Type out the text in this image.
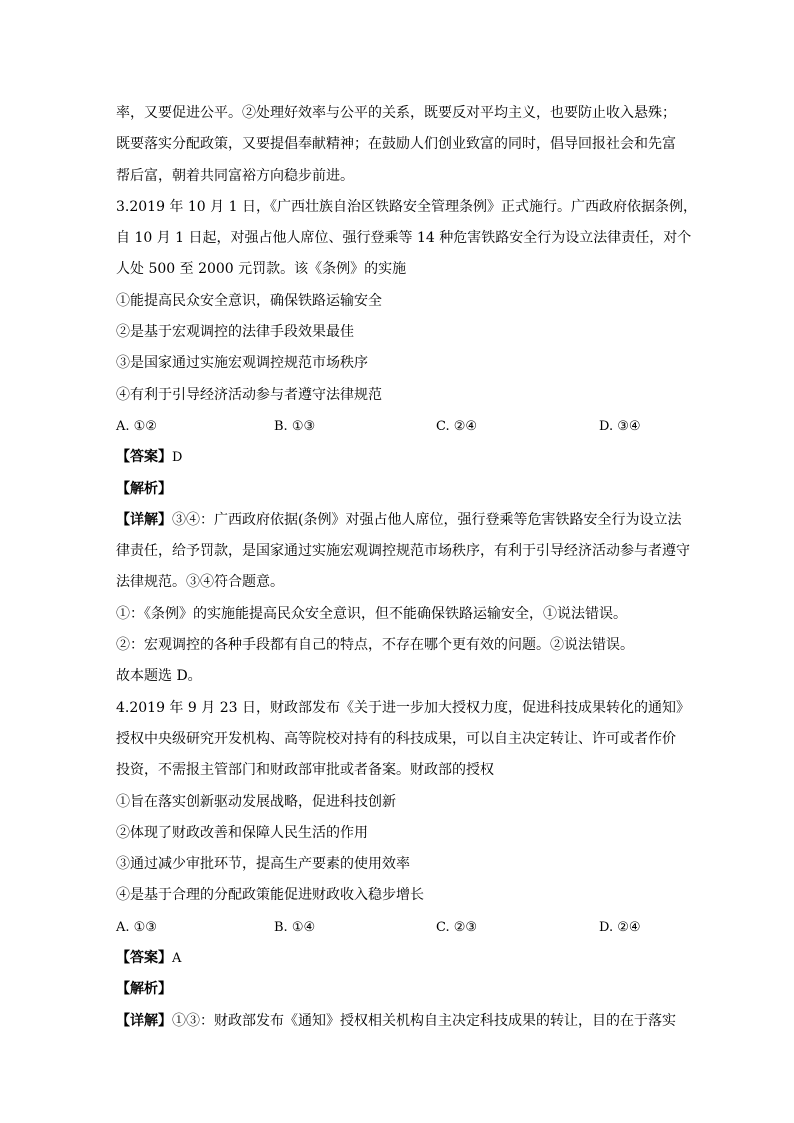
率，又要促进公平。②处理好效率与公平的关系，既要反对平均主义，也要防止收入悬殊；
既要落实分配政策，又要提倡奉献精神；在鼓励人们创业致富的同时，倡导回报社会和先富
帮后富，朝着共同富裕方向稳步前进。
3.2019 年 10 月 1 日，《广西壮族自治区铁路安全管理条例》正式施行。广西政府依据条例，
自 10 月 1 日起，对强占他人席位、强行登乘等 14 种危害铁路安全行为设立法律责任，对个
人处 500 至 2000 元罚款。该《条例》的实施
①能提高民众安全意识，确保铁路运输安全
②是基于宏观调控的法律手段效果最佳
③是国家通过实施宏观调控规范市场秩序
④有利于引导经济活动参与者遵守法律规范
A. ①②	B. ①③	C. ②④	D. ③④
【答案】D
【解析】
【详解】③④：广西政府依据(条例》对强占他人席位，强行登乘等危害铁路安全行为设立法
律责任，给予罚款，是国家通过实施宏观调控规范市场秩序，有利于引导经济活动参与者遵守
法律规范。③④符合题意。
①：《条例》的实施能提高民众安全意识，但不能确保铁路运输安全，①说法错误。
②：宏观调控的各种手段都有自己的特点，不存在哪个更有效的问题。②说法错误。
故本题选 D。
4.2019 年 9 月 23 日，财政部发布《关于进一步加大授权力度，促进科技成果转化的通知》
授权中央级研究开发机构、高等院校对持有的科技成果，可以自主决定转让、许可或者作价
投资，不需报主管部门和财政部审批或者备案。财政部的授权
①旨在落实创新驱动发展战略，促进科技创新
②体现了财政改善和保障人民生活的作用
③通过减少审批环节，提高生产要素的使用效率
④是基于合理的分配政策能促进财政收入稳步增长
A. ①③	B. ①④	C. ②③	D. ②④
【答案】A
【解析】
【详解】①③：财政部发布《通知》授权相关机构自主决定科技成果的转让，目的在于落实
